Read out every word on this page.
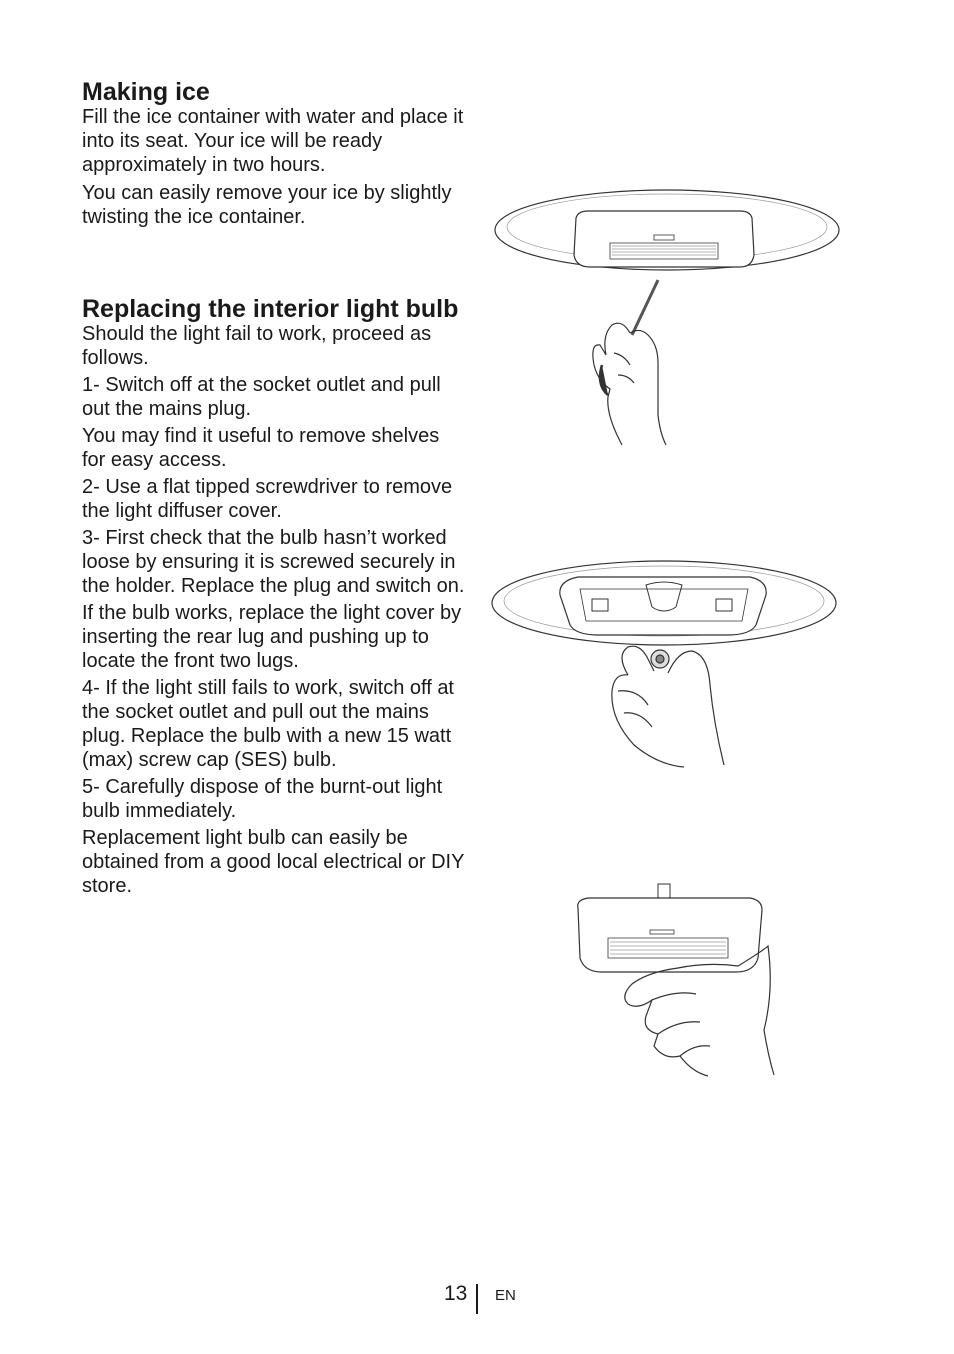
Making ice

Fill the ice container with water and place it into its seat. Your ice will be ready approximately in two hours.

You can easily remove your ice by slightly twisting the ice container.

Replacing the interior light bulb

Should the light fail to work, proceed as follows.

1- Switch off at the socket outlet and pull out the mains plug.

You may find it useful to remove shelves for easy access.

2- Use a flat tipped screwdriver to remove the light diffuser cover.

3- First check that the bulb hasn’t worked loose by ensuring it is screwed securely in the holder. Replace the plug and switch on.

If the bulb works, replace the light cover by inserting the rear lug and pushing up to locate the front two lugs.

4- If the light still fails to work, switch off at the socket outlet and pull out the mains plug. Replace the bulb with a new 15 watt (max) screw cap (SES) bulb.

5- Carefully dispose of the burnt-out light bulb immediately.

Replacement light bulb can easily be obtained from a good local electrical or DIY store.

13 EN
